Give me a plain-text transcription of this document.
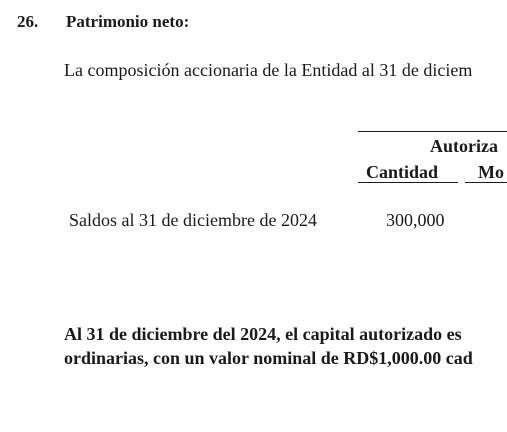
26. Patrimonio neto:
La composición accionaria de la Entidad al 31 de diciem
Autoriza
Cantidad Mo
Saldos al 31 de diciembre de 2024	300,000
Al 31 de diciembre del 2024, el capital autorizado es
ordinarias, con un valor nominal de RD$1,000.00 cad
